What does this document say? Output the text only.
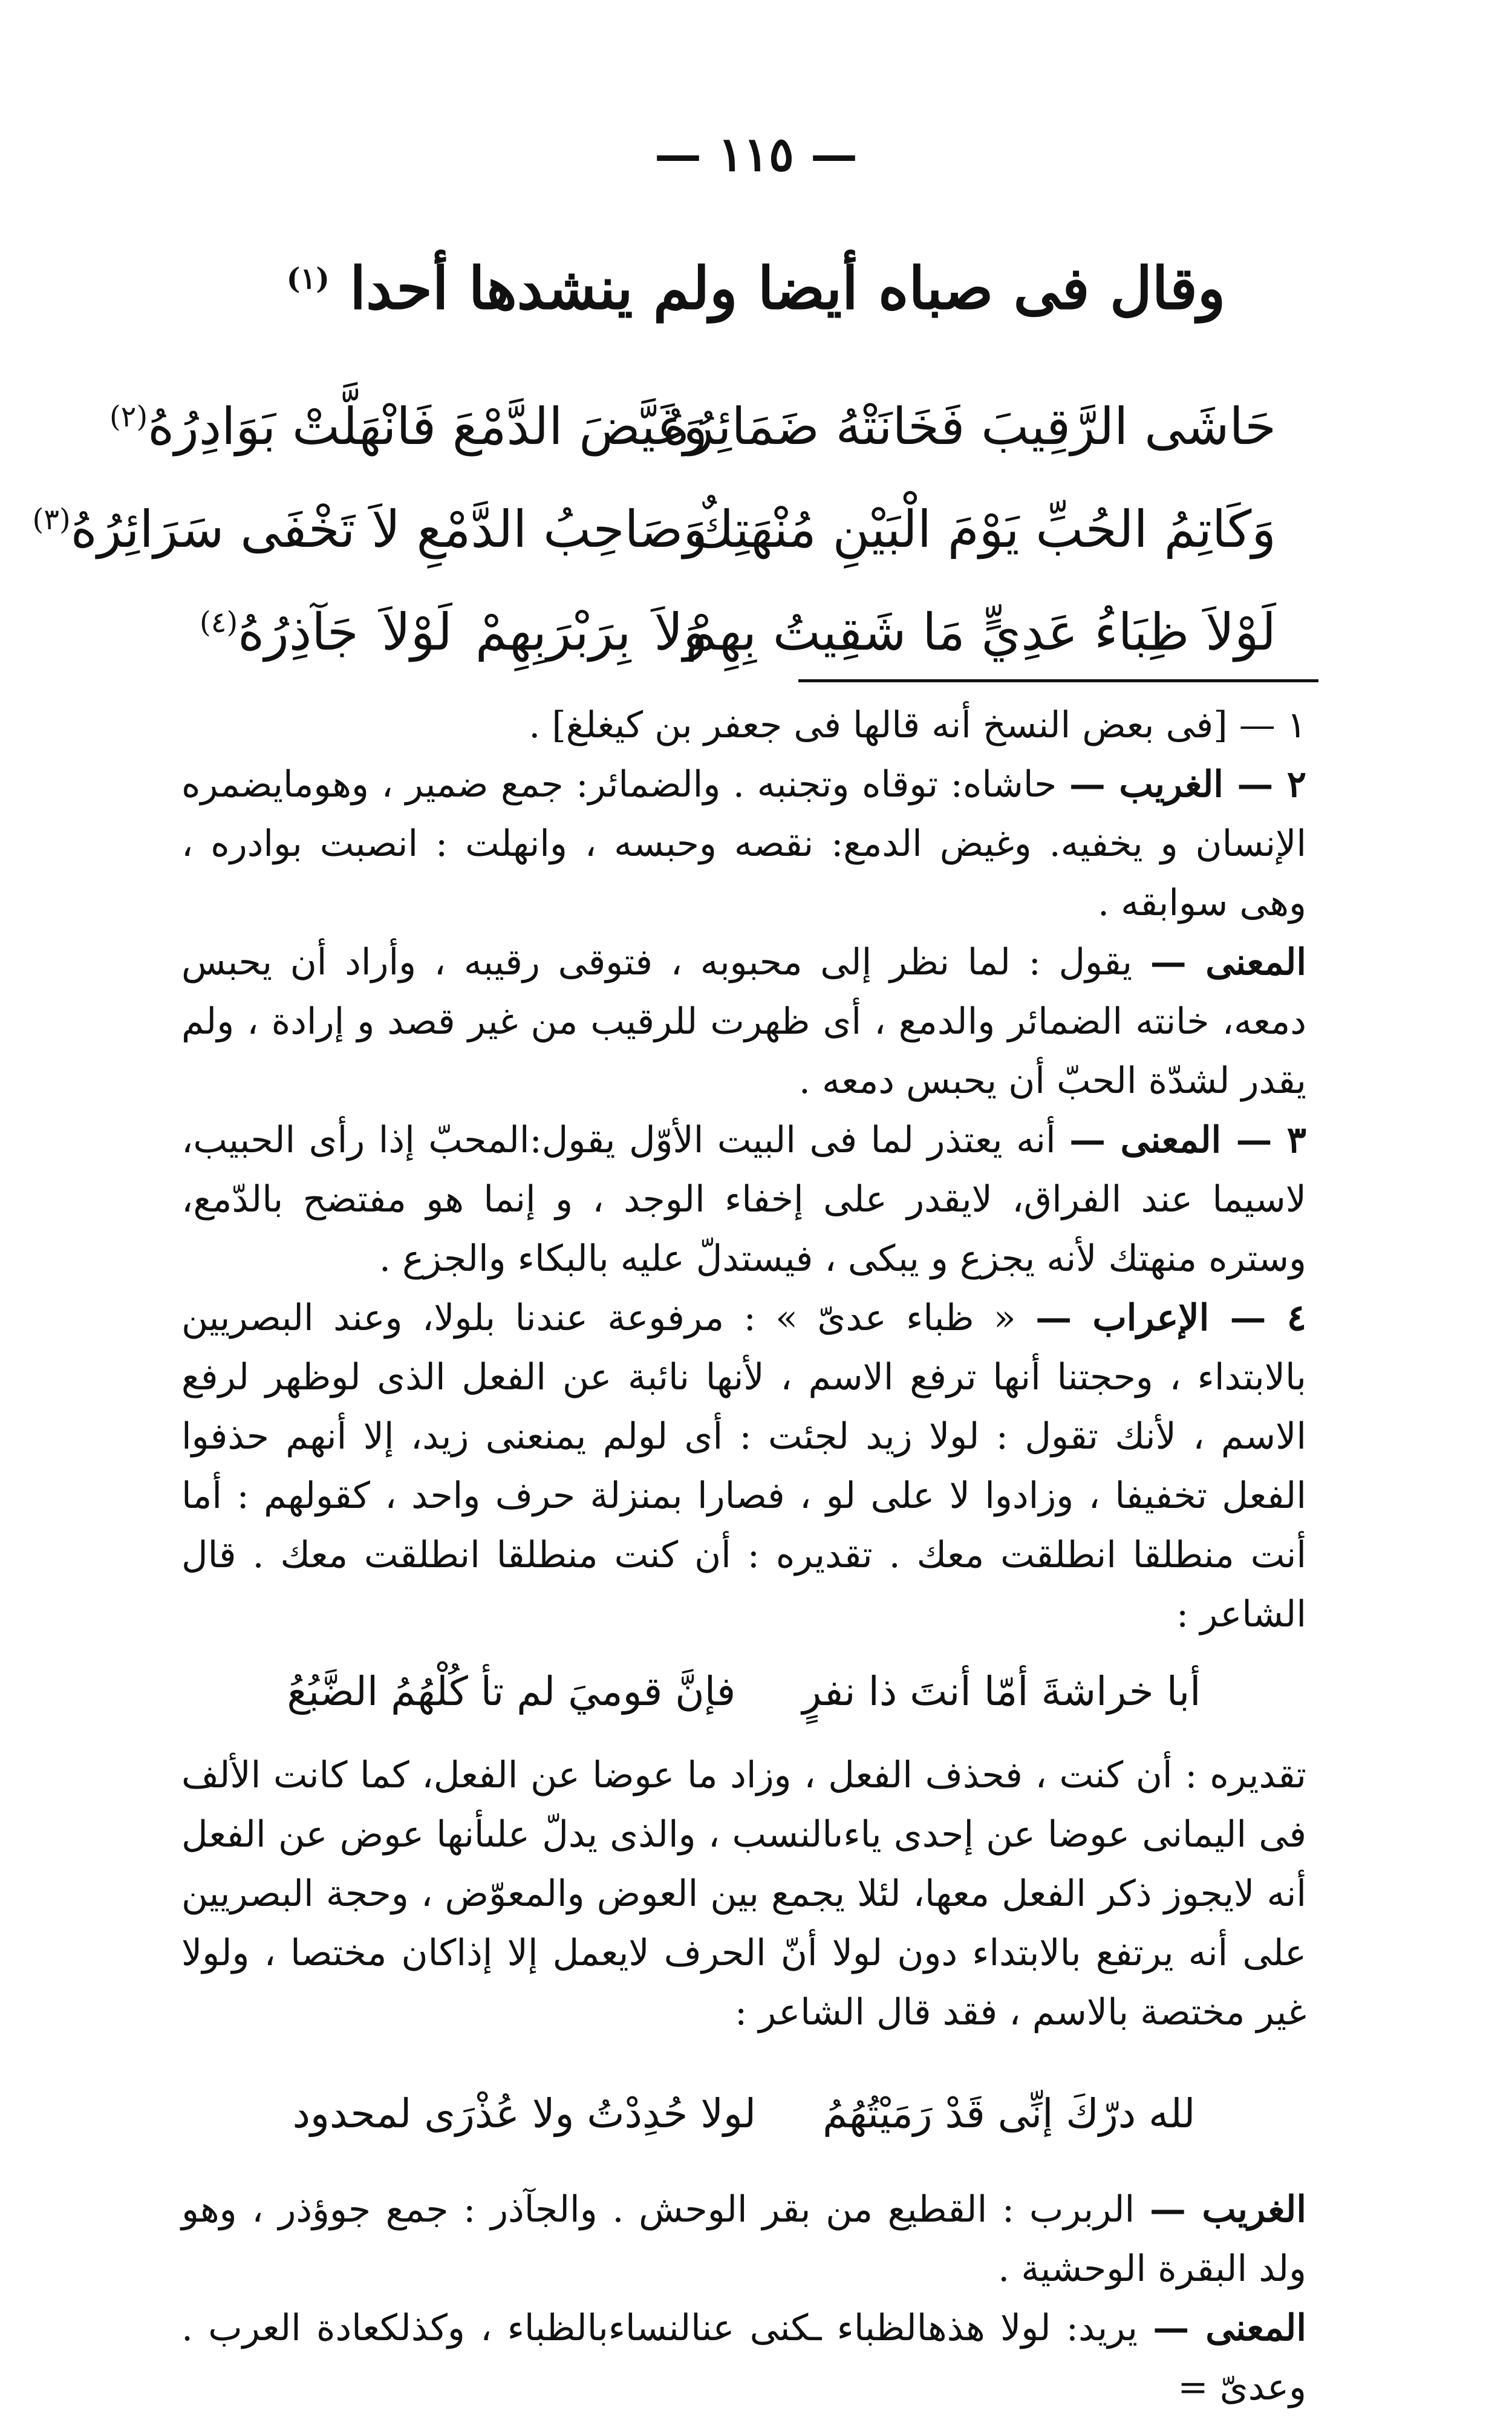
— ١١٥ —
وقال فى صباه أيضا ولم ينشدها أحدا $^{(١)}$
حَاشَى الرَّقِيبَ فَخَانَتْهُ ضَمَائِرُهُ
وَغَيَّضَ الدَّمْعَ فَانْهَلَّتْ بَوَادِرُهُ$^{(٢)}$
وَكَاتِمُ الحُبِّ يَوْمَ الْبَيْنِ مُنْهَتِكٌ
وَصَاحِبُ الدَّمْعِ لاَ تَخْفَى سَرَائِرُهُ$^{(٣)}$
لَوْلاَ ظِبَاءُ عَدِيٍّ مَا شَقِيتُ بِهِمْ
وَلاَ بِرَبْرَبِهِمْ لَوْلاَ جَآذِرُهُ$^{(٤)}$

١ — [فى بعض النسخ أنه قالها فى جعفر بن كيغلغ] .

٢ — الغريب — حاشاه: توقاه وتجنبه . والضمائر: جمع ضمير ، وهومايضمره الإنسان و يخفيه. وغيض الدمع: نقصه وحبسه ، وانهلت : انصبت بوادره ، وهى سوابقه .

المعنى — يقول : لما نظر إلى محبوبه ، فتوقى رقيبه ، وأراد أن يحبس دمعه، خانته الضمائر والدمع ، أى ظهرت للرقيب من غير قصد و إرادة ، ولم يقدر لشدّة الحبّ أن يحبس دمعه .

٣ — المعنى — أنه يعتذر لما فى البيت الأوّل يقول:المحبّ إذا رأى الحبيب، لاسيما عند الفراق، لايقدر على إخفاء الوجد ، و إنما هو مفتضح بالدّمع، وستره منهتك لأنه يجزع و يبكى ، فيستدلّ عليه بالبكاء والجزع .

٤ — الإعراب — « ظباء عدىّ » : مرفوعة عندنا بلولا، وعند البصريين بالابتداء ، وحجتنا أنها ترفع الاسم ، لأنها نائبة عن الفعل الذى لوظهر لرفع الاسم ، لأنك تقول : لولا زيد لجئت : أى لولم يمنعنى زيد، إلا أنهم حذفوا الفعل تخفيفا ، وزادوا لا على لو ، فصارا بمنزلة حرف واحد ، كقولهم : أما أنت منطلقا انطلقت معك . تقديره : أن كنت منطلقا انطلقت معك . قال الشاعر :

أبا خراشةَ أمّا أنتَ ذا نفرٍ
فإنَّ قوميَ لم تأ كُلْهُمُ الضَّبُعُ

تقديره : أن كنت ، فحذف الفعل ، وزاد ما عوضا عن الفعل، كما كانت الألف فى اليمانى عوضا عن إحدى ياءىالنسب ، والذى يدلّ علىأنها عوض عن الفعل أنه لايجوز ذكر الفعل معها، لئلا يجمع بين العوض والمعوّض ، وحجة البصريين على أنه يرتفع بالابتداء دون لولا أنّ الحرف لايعمل إلا إذاكان مختصا ، ولولا غير مختصة بالاسم ، فقد قال الشاعر :

لله درّكَ إنِّى قَدْ رَمَيْتُهُمُ
لولا حُدِدْتُ ولا عُذْرَى لمحدود

الغريب — الربرب : القطيع من بقر الوحش . والجآذر : جمع جوؤذر ، وهو ولد البقرة الوحشية .

المعنى — يريد: لولا هذهالظباء ـكنى عنالنساءبالظباء ، وكذلكعادة العرب . وعدىّ =
